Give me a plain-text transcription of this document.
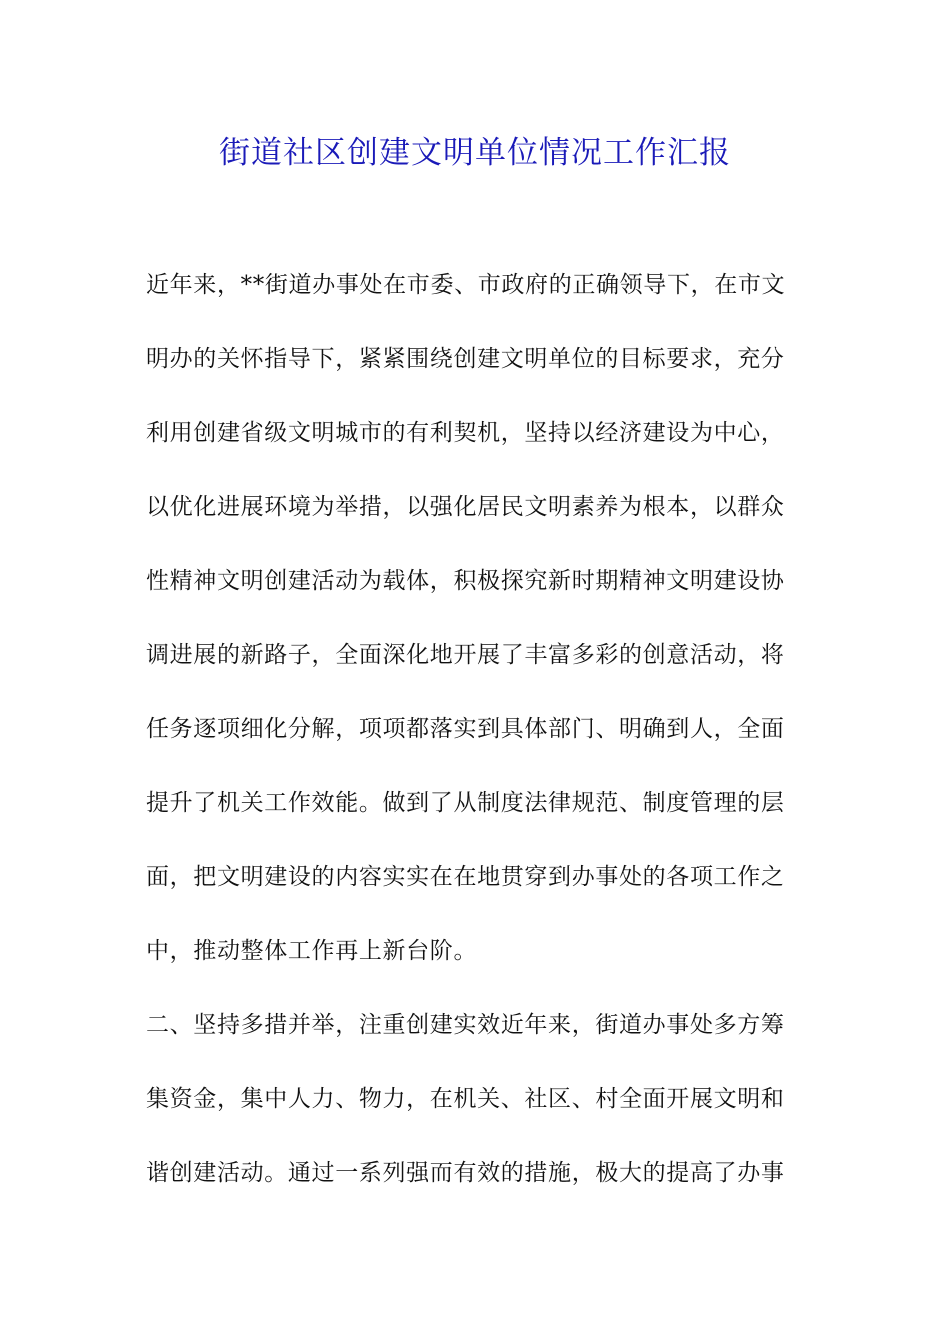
街道社区创建文明单位情况工作汇报
近年来，**街道办事处在市委、市政府的正确领导下，在市文
明办的关怀指导下，紧紧围绕创建文明单位的目标要求，充分
利用创建省级文明城市的有利契机，坚持以经济建设为中心，
以优化进展环境为举措，以强化居民文明素养为根本，以群众
性精神文明创建活动为载体，积极探究新时期精神文明建设协
调进展的新路子，全面深化地开展了丰富多彩的创意活动，将
任务逐项细化分解，项项都落实到具体部门、明确到人，全面
提升了机关工作效能。做到了从制度法律规范、制度管理的层
面，把文明建设的内容实实在在地贯穿到办事处的各项工作之
中，推动整体工作再上新台阶。
二、坚持多措并举，注重创建实效近年来，街道办事处多方筹
集资金，集中人力、物力，在机关、社区、村全面开展文明和
谐创建活动。通过一系列强而有效的措施，极大的提高了办事
